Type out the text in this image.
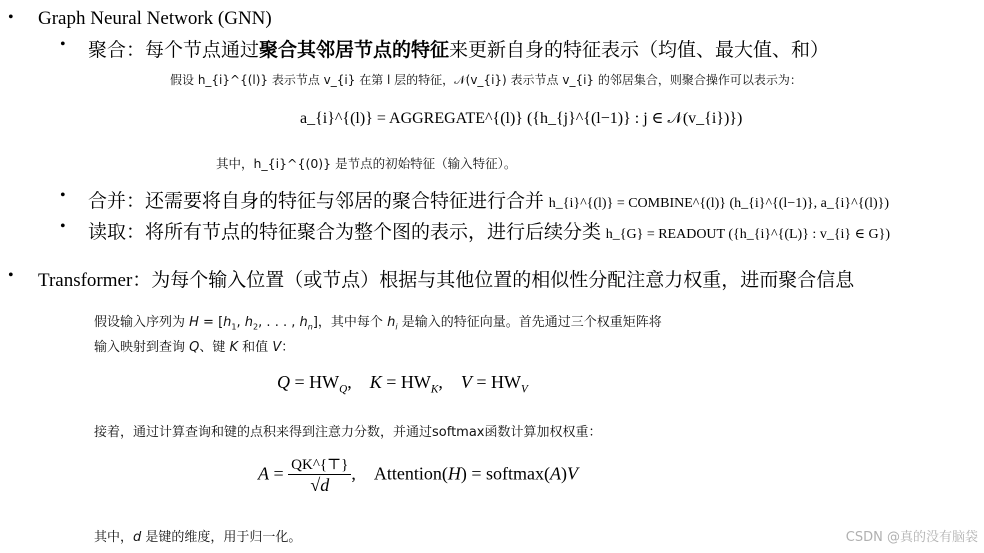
• Graph Neural Network (GNN)
• 聚合：每个节点通过聚合其邻居节点的特征来更新自身的特征表示（均值、最大值、和）
假设 h_{i}^{(l)} 表示节点 v_{i} 在第 l 层的特征，𝒩(v_{i}) 表示节点 v_{i} 的邻居集合，则聚合操作可以表示为：
a_{i}^{(l)} = AGGREGATE^{(l)} ({h_{j}^{(l−1)} : j ∈ 𝒩(v_{i})})
其中，h_{i}^{(0)} 是节点的初始特征（输入特征）。
• 合并：还需要将自身的特征与邻居的聚合特征进行合并 h_{i}^{(l)} = COMBINE^{(l)} (h_{i}^{(l−1)}, a_{i}^{(l)})
• 读取：将所有节点的特征聚合为整个图的表示，进行后续分类 h_{G} = READOUT ({h_{i}^{(L)} : v_{i} ∈ G})
• Transformer：为每个输入位置（或节点）根据与其他位置的相似性分配注意力权重，进而聚合信息
假设输入序列为 $H = [h_1$, $h_2$, . . . , $h_n$]，其中每个 $h_i$ 是输入的特征向量。首先通过三个权重矩阵将
输入映射到查询 Q、键 K 和值 V：
$Q = HW_Q$,    $K = HW_K$,    $V = HW_V$
接着，通过计算查询和键的点积来得到注意力分数，并通过softmax函数计算加权权重：
$A = \frac{QK\^{}\{⊤\}}{√d}$ ,    Attention(H) = softmax(A)V
其中，d 是键的维度，用于归一化。	CSDN @真的没有脑袋
